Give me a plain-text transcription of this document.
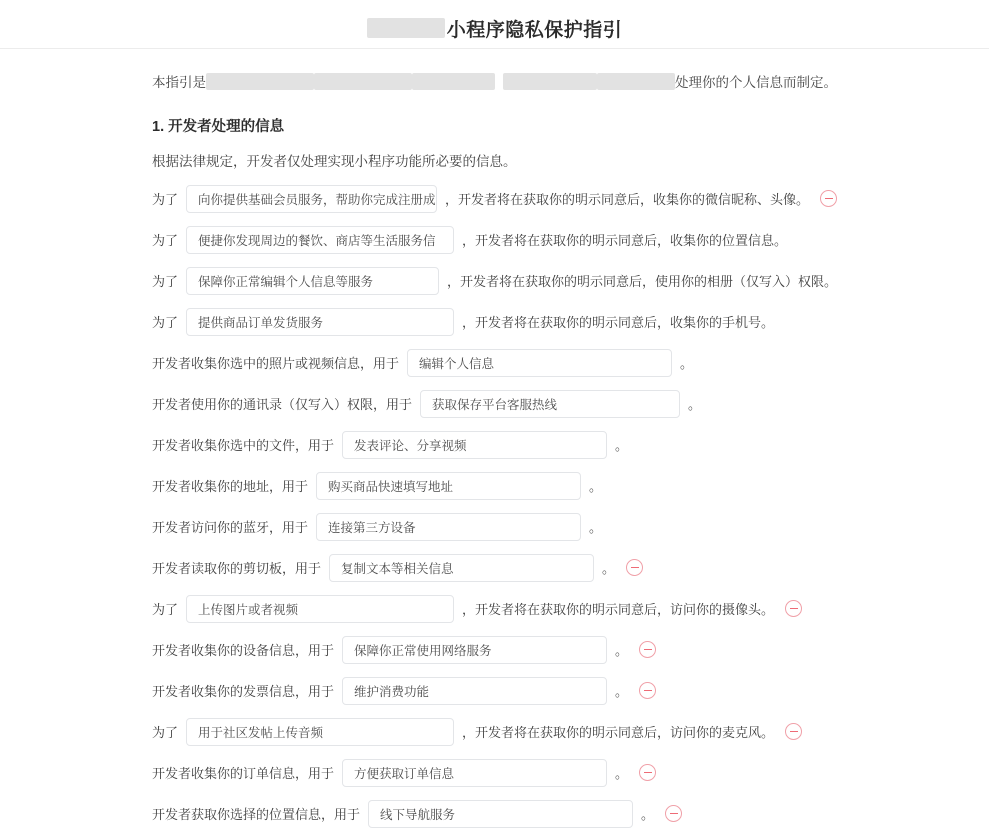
小程序隐私保护指引
本指引是	处理你的个人信息而制定。
1. 开发者处理的信息
根据法律规定，开发者仅处理实现小程序功能所必要的信息。
为了 向你提供基础会员服务，帮助你完成注册成 ，开发者将在获取你的明示同意后，收集你的微信昵称、头像。
为了 便捷你发现周边的餐饮、商店等生活服务信 ，开发者将在获取你的明示同意后，收集你的位置信息。
为了 保障你正常编辑个人信息等服务	，开发者将在获取你的明示同意后，使用你的相册（仅写入）权限。
为了 提供商品订单发货服务	，开发者将在获取你的明示同意后，收集你的手机号。
开发者收集你选中的照片或视频信息，用于 编辑个人信息	。
开发者使用你的通讯录（仅写入）权限，用于 获取保存平台客服热线	。
开发者收集你选中的文件，用于 发表评论、分享视频	。
开发者收集你的地址，用于 购买商品快速填写地址	。
开发者访问你的蓝牙，用于 连接第三方设备	。
开发者读取你的剪切板，用于 复制文本等相关信息	。
为了 上传图片或者视频	，开发者将在获取你的明示同意后，访问你的摄像头。
开发者收集你的设备信息，用于 保障你正常使用网络服务	。
开发者收集你的发票信息，用于 维护消费功能	。
为了 用于社区发帖上传音频	，开发者将在获取你的明示同意后，访问你的麦克风。
开发者收集你的订单信息，用于 方便获取订单信息	。
开发者获取你选择的位置信息，用于 线下导航服务	。
